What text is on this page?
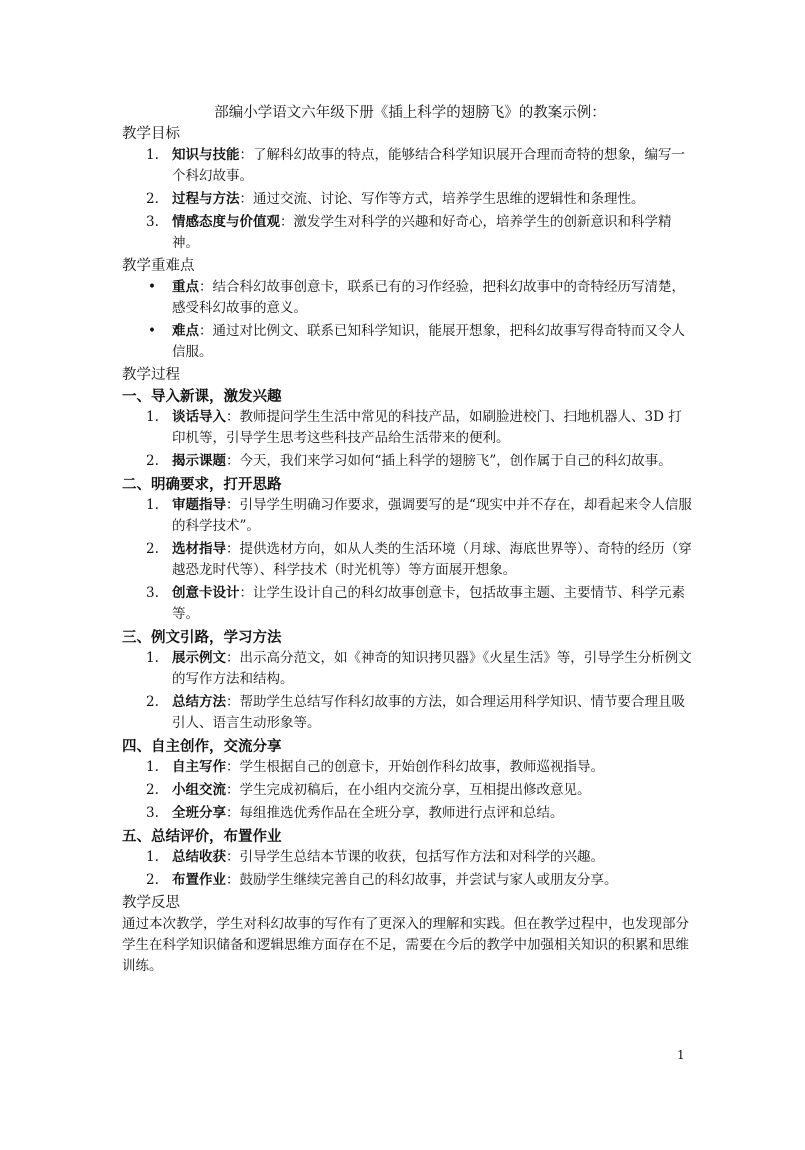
部编小学语文六年级下册《插上科学的翅膀飞》的教案示例：
教学目标
1. 知识与技能：了解科幻故事的特点，能够结合科学知识展开合理而奇特的想象，编写一个科幻故事。
2. 过程与方法：通过交流、讨论、写作等方式，培养学生思维的逻辑性和条理性。
3. 情感态度与价值观：激发学生对科学的兴趣和好奇心，培养学生的创新意识和科学精神。
教学重难点
• 重点：结合科幻故事创意卡，联系已有的习作经验，把科幻故事中的奇特经历写清楚，感受科幻故事的意义。
• 难点：通过对比例文、联系已知科学知识，能展开想象，把科幻故事写得奇特而又令人信服。
教学过程
一、导入新课，激发兴趣
1. 谈话导入：教师提问学生生活中常见的科技产品，如刷脸进校门、扫地机器人、3D 打印机等，引导学生思考这些科技产品给生活带来的便利。
2. 揭示课题：今天，我们来学习如何“插上科学的翅膀飞”，创作属于自己的科幻故事。
二、明确要求，打开思路
1. 审题指导：引导学生明确习作要求，强调要写的是“现实中并不存在，却看起来令人信服的科学技术”。
2. 选材指导：提供选材方向，如从人类的生活环境（月球、海底世界等）、奇特的经历（穿越恐龙时代等）、科学技术（时光机等）等方面展开想象。
3. 创意卡设计：让学生设计自己的科幻故事创意卡，包括故事主题、主要情节、科学元素等。
三、例文引路，学习方法
1. 展示例文：出示高分范文，如《神奇的知识拷贝器》《火星生活》等，引导学生分析例文的写作方法和结构。
2. 总结方法：帮助学生总结写作科幻故事的方法，如合理运用科学知识、情节要合理且吸引人、语言生动形象等。
四、自主创作，交流分享
1. 自主写作：学生根据自己的创意卡，开始创作科幻故事，教师巡视指导。
2. 小组交流：学生完成初稿后，在小组内交流分享，互相提出修改意见。
3. 全班分享：每组推选优秀作品在全班分享，教师进行点评和总结。
五、总结评价，布置作业
1. 总结收获：引导学生总结本节课的收获，包括写作方法和对科学的兴趣。
2. 布置作业：鼓励学生继续完善自己的科幻故事，并尝试与家人或朋友分享。
教学反思
通过本次教学，学生对科幻故事的写作有了更深入的理解和实践。但在教学过程中，也发现部分学生在科学知识储备和逻辑思维方面存在不足，需要在今后的教学中加强相关知识的积累和思维训练。
1
